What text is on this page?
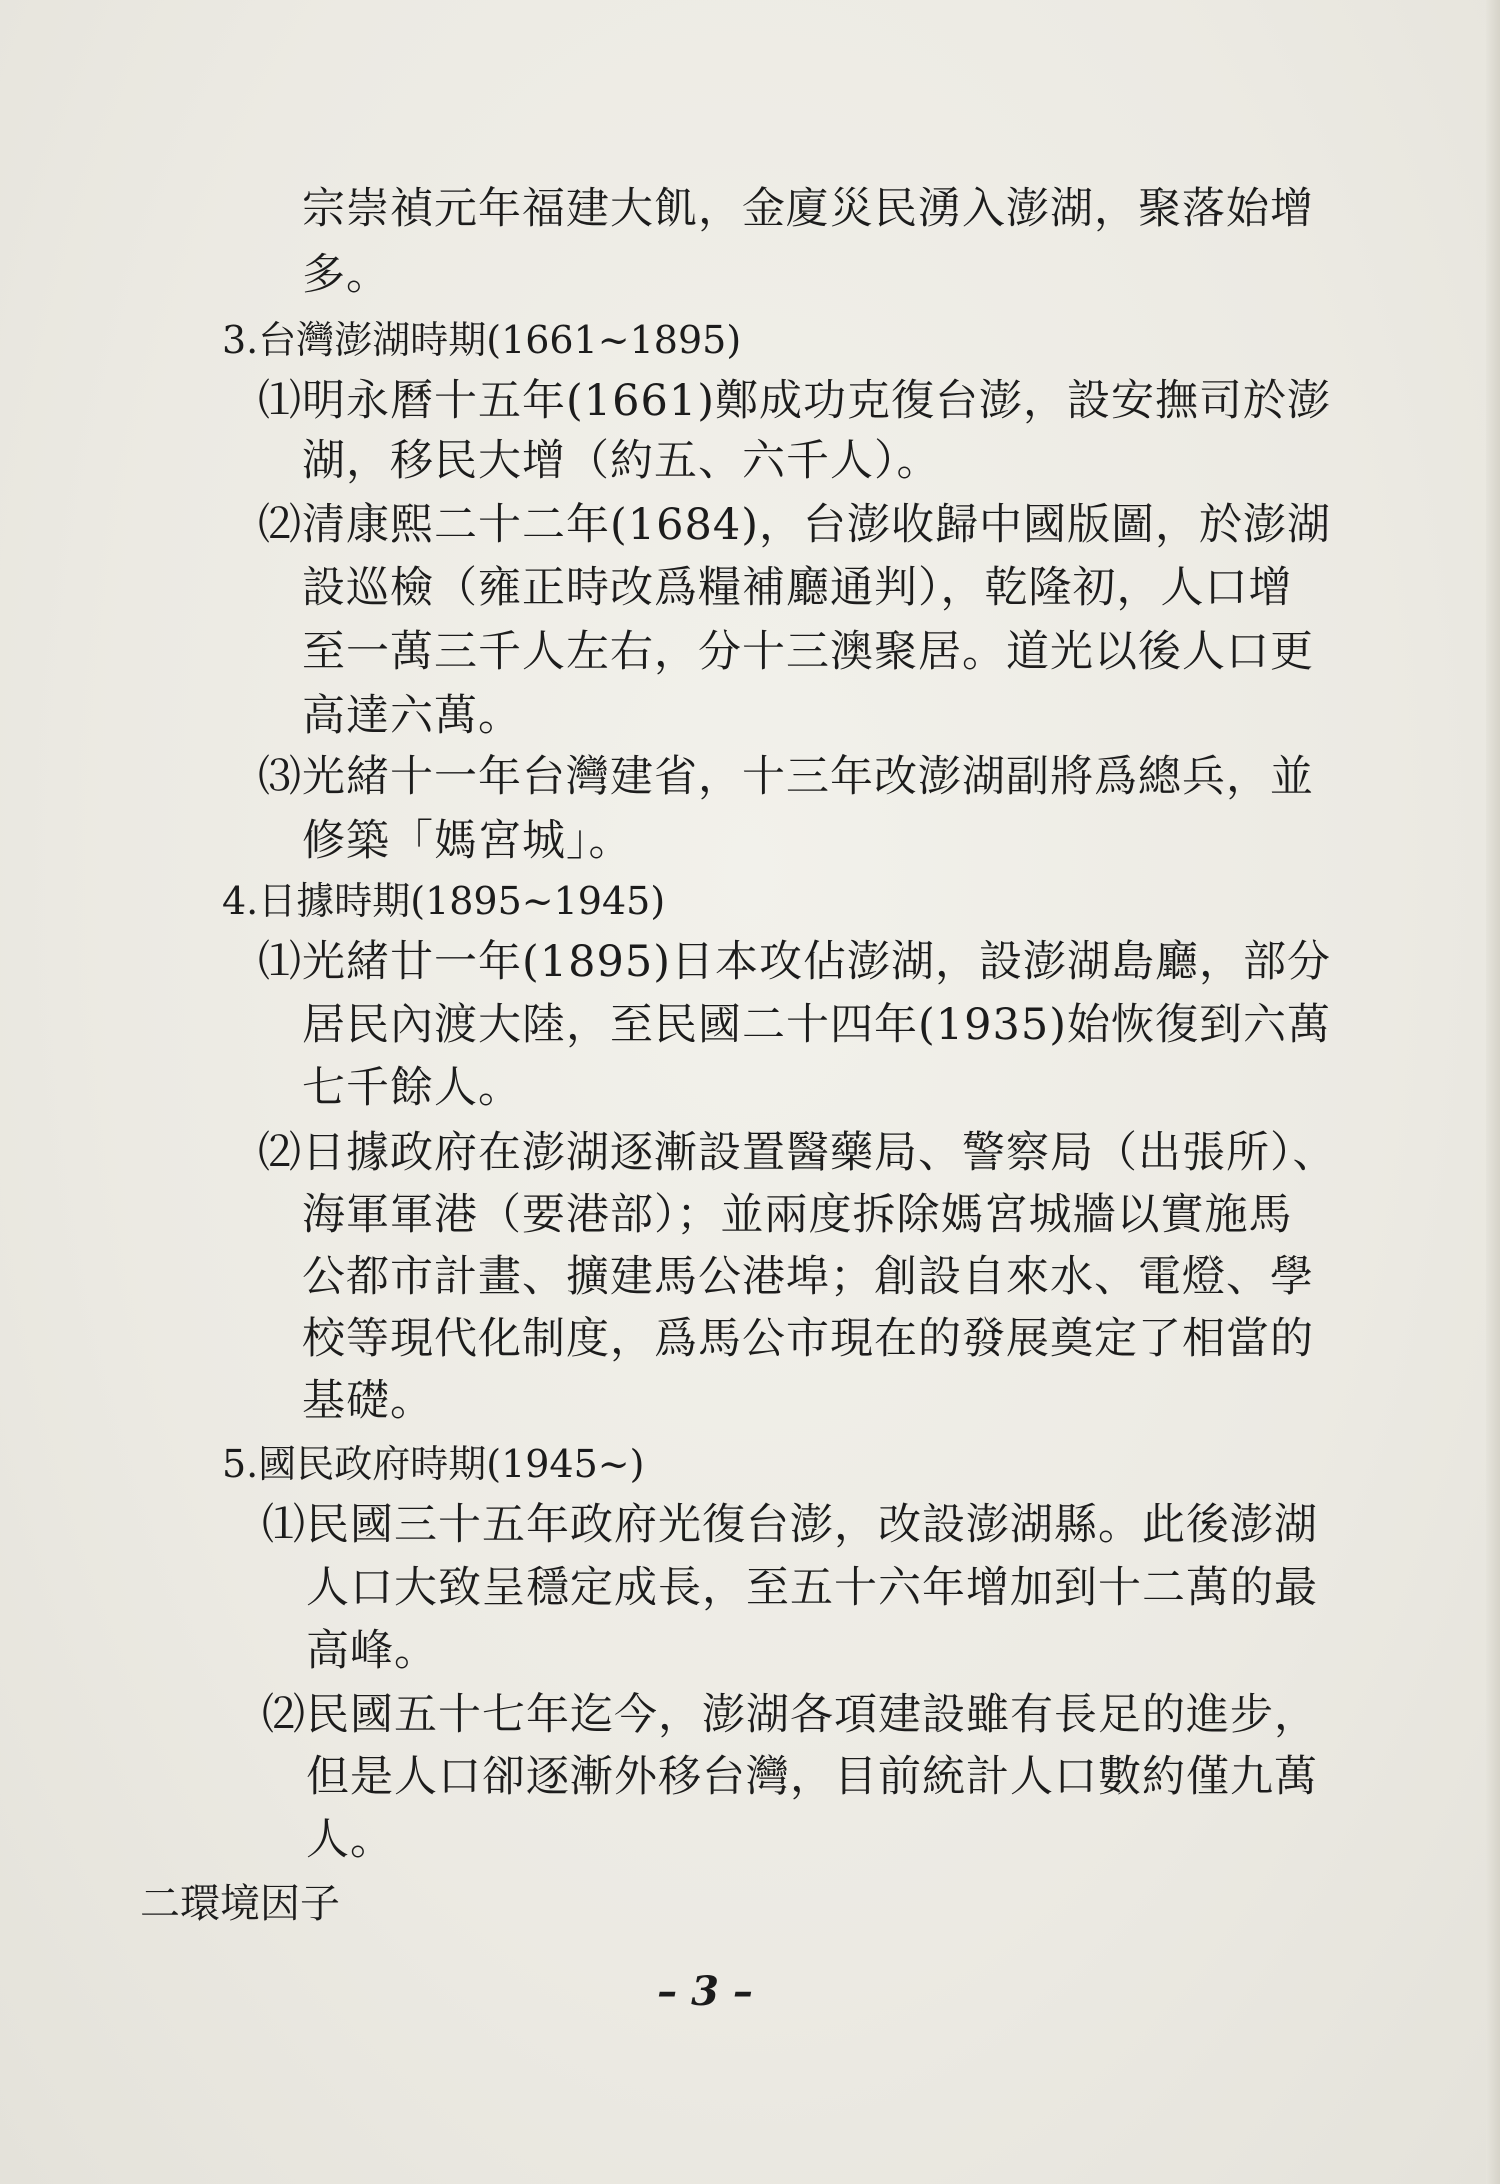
宗崇禎元年福建大飢，金廈災民湧入澎湖，聚落始增
多。
3.台灣澎湖時期(1661~1895)
⑴明永曆十五年(1661)鄭成功克復台澎，設安撫司於澎
湖，移民大增（約五、六千人）。
⑵清康熙二十二年(1684)，台澎收歸中國版圖，於澎湖
設巡檢（雍正時改爲糧補廳通判），乾隆初，人口增
至一萬三千人左右，分十三澳聚居。道光以後人口更
高達六萬。
⑶光緒十一年台灣建省，十三年改澎湖副將爲總兵，並
修築「媽宮城」。
4.日據時期(1895~1945)
⑴光緒廿一年(1895)日本攻佔澎湖，設澎湖島廳，部分
居民內渡大陸，至民國二十四年(1935)始恢復到六萬
七千餘人。
⑵日據政府在澎湖逐漸設置醫藥局、警察局（出張所）、
海軍軍港（要港部）；並兩度拆除媽宮城牆以實施馬
公都市計畫、擴建馬公港埠；創設自來水、電燈、學
校等現代化制度，爲馬公市現在的發展奠定了相當的
基礎。
5.國民政府時期(1945~)
⑴民國三十五年政府光復台澎，改設澎湖縣。此後澎湖
人口大致呈穩定成長，至五十六年增加到十二萬的最
高峰。
⑵民國五十七年迄今，澎湖各項建設雖有長足的進步，
但是人口卻逐漸外移台灣，目前統計人口數約僅九萬
人。
二環境因子
– 3 –
